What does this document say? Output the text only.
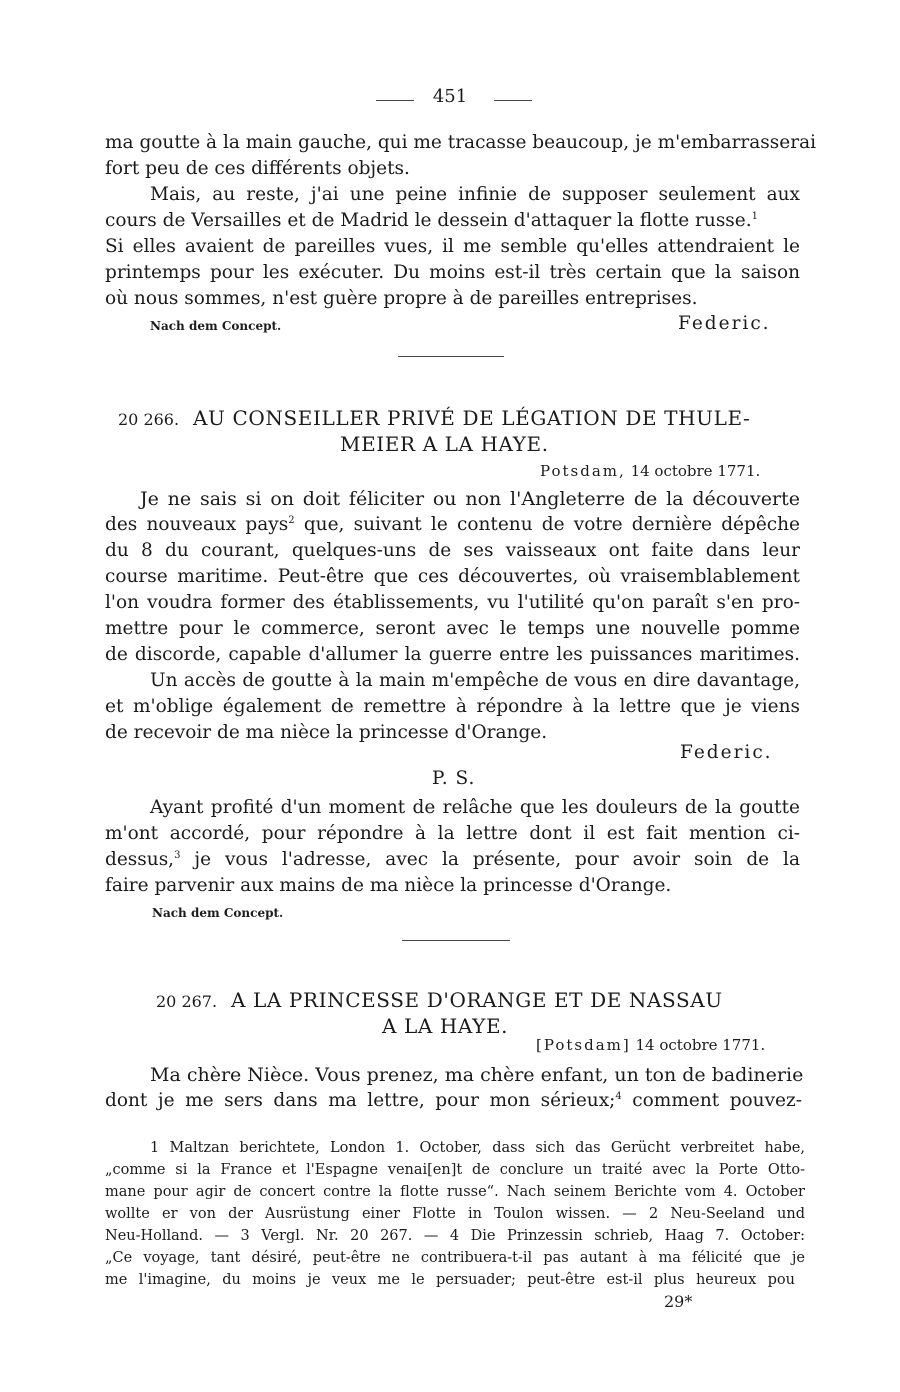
451
ma goutte à la main gauche, qui me tracasse beaucoup, je m'embarrasserai
fort peu de ces différents objets.
Mais, au reste, j'ai une peine infinie de supposer seulement aux
cours de Versailles et de Madrid le dessein d'attaquer la flotte russe.$^1$
Si elles avaient de pareilles vues, il me semble qu'elles attendraient le
printemps pour les exécuter. Du moins est-il très certain que la saison
où nous sommes, n'est guère propre à de pareilles entreprises.
Nach dem Concept.	Federic.
20 266. AU CONSEILLER PRIVÉ DE LÉGATION DE THULE-
MEIER A LA HAYE.
Potsdam, 14 octobre 1771.
Je ne sais si on doit féliciter ou non l'Angleterre de la découverte
des nouveaux pays$^2$ que, suivant le contenu de votre dernière dépêche
du 8 du courant, quelques-uns de ses vaisseaux ont faite dans leur
course maritime. Peut-être que ces découvertes, où vraisemblablement
l'on voudra former des établissements, vu l'utilité qu'on paraît s'en pro-
mettre pour le commerce, seront avec le temps une nouvelle pomme
de discorde, capable d'allumer la guerre entre les puissances maritimes.
Un accès de goutte à la main m'empêche de vous en dire davantage,
et m'oblige également de remettre à répondre à la lettre que je viens
de recevoir de ma nièce la princesse d'Orange.
Federic.
P. S.
Ayant profité d'un moment de relâche que les douleurs de la goutte
m'ont accordé, pour répondre à la lettre dont il est fait mention ci-
dessus,$^3$ je vous l'adresse, avec la présente, pour avoir soin de la
faire parvenir aux mains de ma nièce la princesse d'Orange.
Nach dem Concept.
20 267. A LA PRINCESSE D'ORANGE ET DE NASSAU
A LA HAYE.
[Potsdam] 14 octobre 1771.
Ma chère Nièce. Vous prenez, ma chère enfant, un ton de badinerie
dont je me sers dans ma lettre, pour mon sérieux;$^4$ comment pouvez-
1 Maltzan berichtete, London 1. October, dass sich das Gerücht verbreitet habe,
„comme si la France et l'Espagne venai[en]t de conclure un traité avec la Porte Otto-
mane pour agir de concert contre la flotte russe“. Nach seinem Berichte vom 4. October
wollte er von der Ausrüstung einer Flotte in Toulon wissen. — 2 Neu-Seeland und
Neu-Holland. — 3 Vergl. Nr. 20 267. — 4 Die Prinzessin schrieb, Haag 7. October:
„Ce voyage, tant désiré, peut-être ne contribuera-t-il pas autant à ma félicité que je
me l'imagine, du moins je veux me le persuader; peut-être est-il plus heureux pou
29*
